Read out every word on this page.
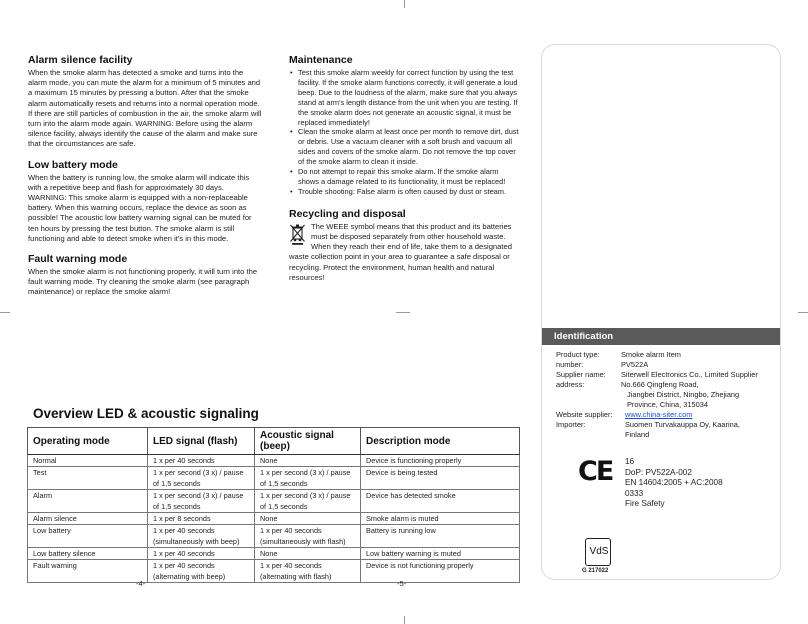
Alarm silence facility

When the smoke alarm has detected a smoke and turns into the alarm mode, you can mute the alarm for a minimum of 5 minutes and a maximum 15 minutes by pressing a button. After that the smoke alarm automatically resets and returns into a normal operation mode. If there are still particles of combustion in the air, the smoke alarm will turn into the alarm mode again. WARNING: Before using the alarm silence facility, always identify the cause of the alarm and make sure that the circumstances are safe.

Low battery mode

When the battery is running low, the smoke alarm will indicate this with a repetitive beep and flash for approximately 30 days. WARNING: This smoke alarm is equipped with a non-replaceable battery. When this warning occurs, replace the device as soon as possible! The acoustic low battery warning signal can be muted for ten hours by pressing the test button. The smoke alarm is still functioning and able to detect smoke when it's in this mode.

Fault warning mode

When the smoke alarm is not functioning properly, it will turn into the fault warning mode. Try cleaning the smoke alarm (see paragraph maintenance) or replace the smoke alarm!

Maintenance
• Test this smoke alarm weekly for correct function by using the test facility. If the smoke alarm functions correctly, it will generate a loud beep. Due to the loudness of the alarm, make sure that you always stand at arm's length distance from the unit when you are testing. If the smoke alarm does not generate an acoustic signal, it must be replaced immediately!
• Clean the smoke alarm at least once per month to remove dirt, dust or debris. Use a vacuum cleaner with a soft brush and vacuum all sides and covers of the smoke alarm. Do not remove the top cover of the smoke alarm to clean it inside.
• Do not attempt to repair this smoke alarm. If the smoke alarm shows a damage related to its functionality, it must be replaced!
• Trouble shooting: False alarm is often caused by dust or steam.
Recycling and disposal

The WEEE symbol means that this product and its batteries

must be disposed separately from other household waste.

When they reach their end of life, take them to a designated

waste collection point in your area to guarantee a safe disposal or recycling. Protect the environment, human health and natural resources!

Overview LED & acoustic signaling
Operating mode	LED signal (flash)	Acoustic signal (beep)	Description mode
Normal	1 x per 40 seconds	None	Device is functioning properly
Test	1 x per second (3 x) / pause of 1,5 seconds	1 x per second (3 x) / pause of 1,5 seconds	Device is being tested
Alarm	1 x per second (3 x) / pause of 1,5 seconds	1 x per second (3 x) / pause of 1,5 seconds	Device has detected smoke
Alarm silence	1 x per 8 seconds	None	Smoke alarm is muted
Low battery	1 x per 40 seconds (simultaneously with beep)	1 x per 40 seconds (simultaneously with flash)	Battery is running low
Low battery silence	1 x per 40 seconds	None	Low battery warning is muted
Fault warning	1 x per 40 seconds (alternating with beep)	1 x per 40 seconds (alternating with flash)	Device is not functioning properly
-4-	-5-
Identification
Product type:	Smoke alarm Item
number:	PV522A
Supplier name: Siterwell Electronics Co., Limited Supplier
address:	No.666 Qingfeng Road,
Jiangbei District, Ningbo, Zhejiang
Province, China, 315034
Website supplier: www.china-siter.com
Importer:	Suomen Turvakauppa Oy, Kaarina,
Finland
CE 16
DoP: PV522A-002
EN 14604:2005 + AC:2008
0333
Fire Safety
VdS
G 217022
